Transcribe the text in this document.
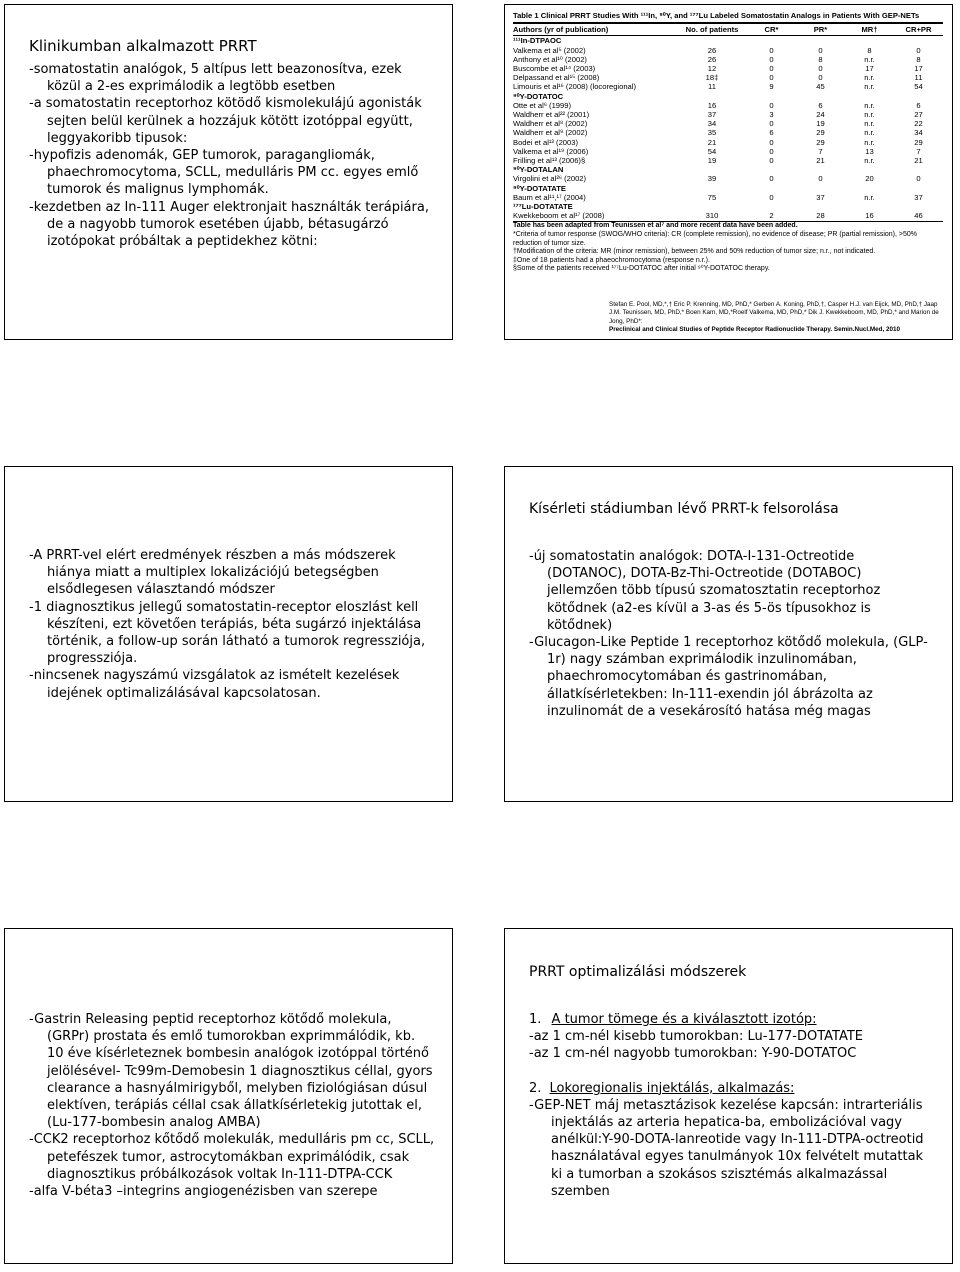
Klinikumban alkalmazott PRRT

-somatostatin analógok, 5 altípus lett beazonosítva, ezek közül a 2-es exprimálodik a legtöbb esetben

-a somatostatin receptorhoz kötödő kismolekulájú agonisták sejten belül kerülnek a hozzájuk kötött izotóppal együtt, leggyakoribb tipusok:

-hypofizis adenomák, GEP tumorok, paragangliomák, phaechromocytoma, SCLL, medulláris PM cc. egyes emlő tumorok és malignus lymphomák.

-kezdetben az In-111 Auger elektronjait használták terápiára, de a nagyobb tumorok esetében újabb, bétasugárzó izotópokat próbáltak a peptidekhez kötni:

Table 1 Clinical PRRT Studies With ¹¹¹In, ⁹⁰Y, and ¹⁷⁷Lu Labeled Somatostatin Analogs in Patients With GEP-NETs
Authors (yr of publication)	No. of patients	CR*	PR*	MR†	CR+PR
¹¹¹In-DTPAOC
Valkema et al⁵ (2002)	26	0	0	8	0
Anthony et al¹⁰ (2002)	26	0	8	n.r.	8
Buscombe et al¹⁴ (2003)	12	0	0	17	17
Delpassand et al¹⁵ (2008)	18‡	0	0	n.r.	11
Limouris et al¹⁶ (2008) (locoregional)	11	9	45	n.r.	54
⁹⁰Y-DOTATOC
Otte et al⁶ (1999)	16	0	6	n.r.	6
Waldherr et al²² (2001)	37	3	24	n.r.	27
Waldherr et al⁸ (2002)	34	0	19	n.r.	22
Waldherr et al⁹ (2002)	35	6	29	n.r.	34
Bodei et al¹³ (2003)	21	0	29	n.r.	29
Valkema et al¹⁹ (2006)	54	0	7	13	7
Frilling et al¹³ (2006)§	19	0	21	n.r.	21
⁹⁰Y-DOTALAN
Virgolini et al²⁶ (2002)	39	0	0	20	0
⁹⁰Y-DOTATATE
Baum et al¹¹,¹⁷ (2004)	75	0	37	n.r.	37
¹⁷⁷Lu-DOTATATE
Kwekkeboom et al¹⁷ (2008)	310	2	28	16	46
Table has been adapted from Teunissen et al⁷ and more recent data have been added.
*Criteria of tumor response (SWOG/WHO criteria): CR (complete remission), no evidence of disease; PR (partial remission), >50% reduction of tumor size.
†Modification of the criteria: MR (minor remission), between 25% and 50% reduction of tumor size; n.r., not indicated.
‡One of 18 patients had a phaeochromocytoma (response n.r.).
§Some of the patients received ¹⁷⁷Lu-DOTATOC after initial ⁹⁰Y-DOTATOC therapy.
Stefan E. Pool, MD,*,† Eric P. Krenning, MD, PhD,* Gerben A. Koning, PhD,†, Casper H.J. van Eijck, MD, PhD,† Jaap J.M. Teunissen, MD, PhD,* Boen Kam, MD,*Roelf Valkema, MD, PhD,* Dik J. Kwekkeboom, MD, PhD,* and Marion de Jong, PhD*:
Preclinical and Clinical Studies of Peptide Receptor Radionuclide Therapy. Semin.Nucl.Med, 2010

-A PRRT-vel elért eredmények részben a más módszerek hiánya miatt a multiplex lokalizációjú betegségben elsődlegesen választandó módszer

-1 diagnosztikus jellegű somatostatin-receptor eloszlást kell készíteni, ezt követően terápiás, béta sugárzó injektálása történik, a follow-up során látható a tumorok regressziója, progressziója.

-nincsenek nagyszámú vizsgálatok az ismételt kezelések idejének optimalizálásával kapcsolatosan.

Kísérleti stádiumban lévő PRRT-k felsorolása

-új somatostatin analógok: DOTA-I-131-Octreotide (DOTANOC), DOTA-Bz-Thi-Octreotide (DOTABOC) jellemzően több típusú szomatosztatin receptorhoz kötődnek (a2-es kívül a 3-as és 5-ös típusokhoz is kötődnek)

-Glucagon-Like Peptide 1 receptorhoz kötődő molekula, (GLP-1r) nagy számban exprimálodik inzulinomában, phaechromocytomában és gastrinomában, állatkísérletekben: In-111-exendin jól ábrázolta az inzulinomát de a vesekárosító hatása még magas

-Gastrin Releasing peptid receptorhoz kötődő molekula, (GRPr) prostata és emlő tumorokban exprimmálódik, kb. 10 éve kísérleteznek bombesin analógok izotóppal történő jelölésével- Tc99m-Demobesin 1 diagnosztikus céllal, gyors clearance a hasnyálmirigyből, melyben fiziológiásan dúsul elektíven, terápiás céllal csak állatkísérletekig jutottak el, (Lu-177-bombesin analog AMBA)

-CCK2 receptorhoz kőtődő molekulák, medulláris pm cc, SCLL, petefészek tumor, astrocytomákban exprimálódik, csak diagnosztikus próbálkozások voltak In-111-DTPA-CCK

-alfa V-béta3 –integrins angiogenézisben van szerepe

PRRT optimalizálási módszerek

1. A tumor tömege és a kiválasztott izotóp:

-az 1 cm-nél kisebb tumorokban: Lu-177-DOTATATE

-az 1 cm-nél nagyobb tumorokban: Y-90-DOTATOC

2. Lokoregionalis injektálás, alkalmazás:

-GEP-NET máj metasztázisok kezelése kapcsán: intrarteriális injektálás az arteria hepatica-ba, embolizációval vagy anélkül:Y-90-DOTA-lanreotide vagy In-111-DTPA-octreotid használatával egyes tanulmányok 10x felvételt mutattak ki a tumorban a szokásos szisztémás alkalmazással szemben
